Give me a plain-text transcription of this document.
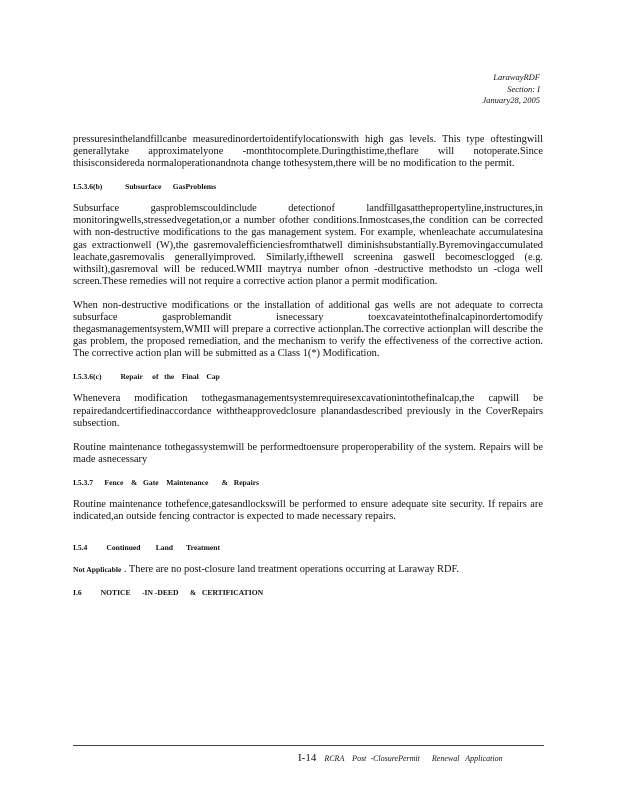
LarawayRDF
Section: I
January28, 2005

pressuresinthelandfillcanbe measuredinordertoidentifylocationswith high gas levels. This type oftestingwill generallytake approximatelyone -monthtocomplete.Duringthistime,theflare will notoperate.Since thisisconsidereda normaloperationandnota change tothesystem,there will be no modification to the permit.

I.5.3.6(b)            Subsurface      GasProblems

Subsurface gasproblemscouldinclude detectionof landfillgasatthepropertyline,instructures,in monitoringwells,stressedvegetation,or a number ofother conditions.Inmostcases,the condition can be corrected with non-destructive modifications to the gas management system. For example, whenleachate accumulatesina gas extractionwell (W),the gasremovalefficienciesfromthatwell diminishsubstantially.Byremovingaccumulated leachate,gasremovalis generallyimproved. Similarly,ifthewell screenina gaswell becomesclogged (e.g. withsilt),gasremoval will be reduced.WMII maytrya number ofnon -destructive methodsto un -cloga well screen.These remedies will not require a corrective action planor a permit modification.

When non-destructive modifications or the installation of additional gas wells are not adequate to correcta subsurface gasproblemandit isnecessary toexcavateintothefinalcapinordertomodify thegasmanagementsystem,WMII will prepare a corrective actionplan.The corrective actionplan will describe the gas problem, the proposed remediation, and the mechanism to verify the effectiveness of the corrective action. The corrective action plan will be submitted as a Class 1(*) Modification.

I.5.3.6(c)          Repair     of   the    Final    Cap

Whenevera modification tothegasmanagementsystemrequiresexcavationintothefinalcap,the capwill be repairedandcertifiedinaccordance withtheapprovedclosure planandasdescribed previously in the CoverRepairs subsection.

Routine maintenance tothegassystemwill be performedtoensure properoperability of the system. Repairs will be made asnecessary

I.5.3.7      Fence    &   Gate    Maintenance       &   Repairs

Routine maintenance tothefence,gatesandlockswill be performed to ensure adequate site security. If repairs are indicated,an outside fencing contractor is expected to made necessary repairs.

I.5.4          Continued        Land       Treatment

Not Applicable . There are no post-closure land treatment operations occurring at Laraway RDF.

I.6          NOTICE      -IN -DEED      &   CERTIFICATION

I-14 RCRA    Post  -ClosurePermit      Renewal   Application
